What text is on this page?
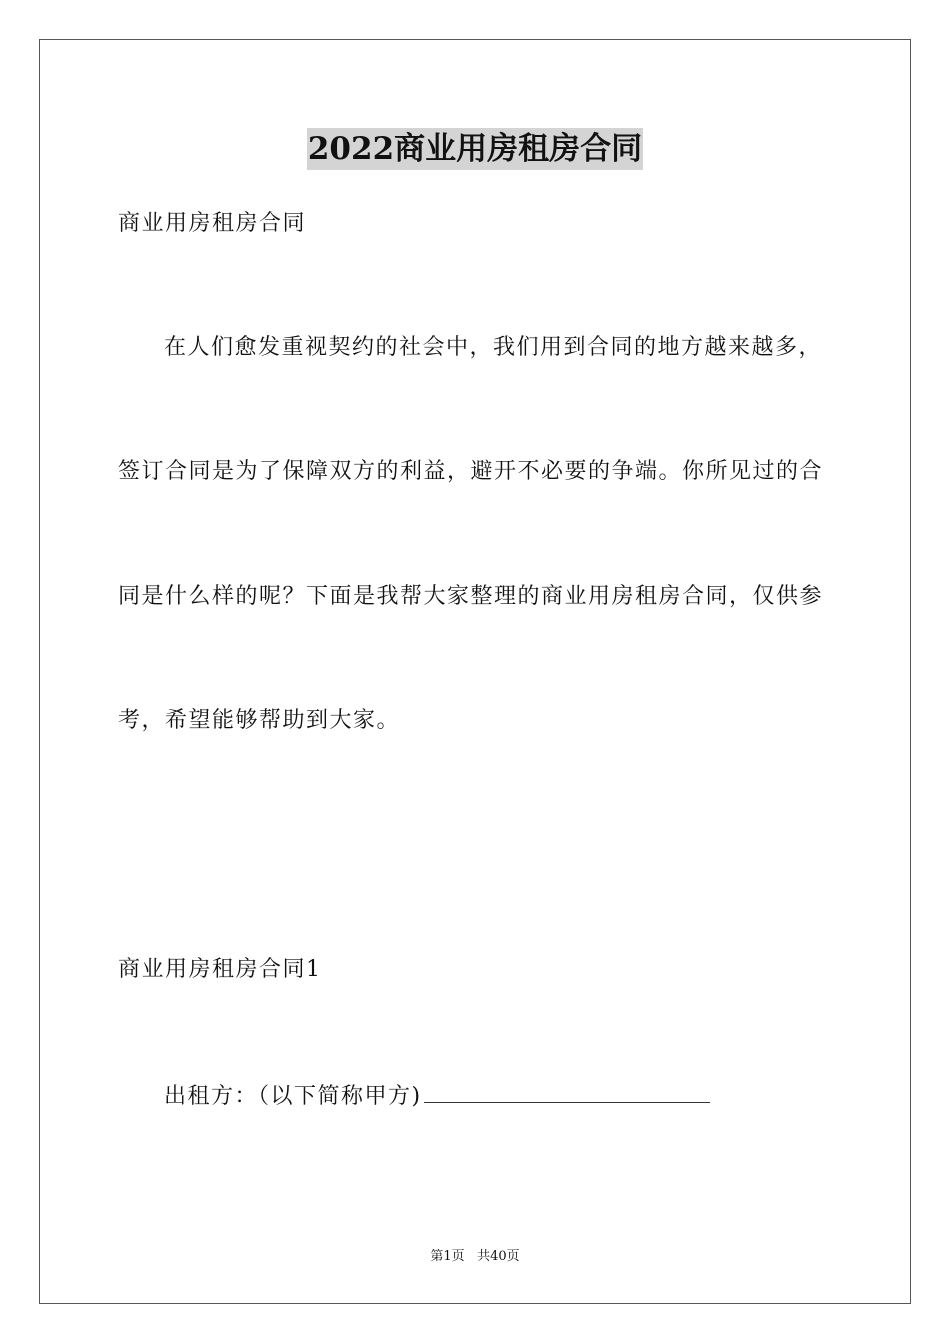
2022商业用房租房合同
商业用房租房合同
在人们愈发重视契约的社会中，我们用到合同的地方越来越多，
签订合同是为了保障双方的利益，避开不必要的争端。你所见过的合
同是什么样的呢？下面是我帮大家整理的商业用房租房合同，仅供参
考，希望能够帮助到大家。
商业用房租房合同1
出租方：（以下简称甲方)
第1页 共40页
